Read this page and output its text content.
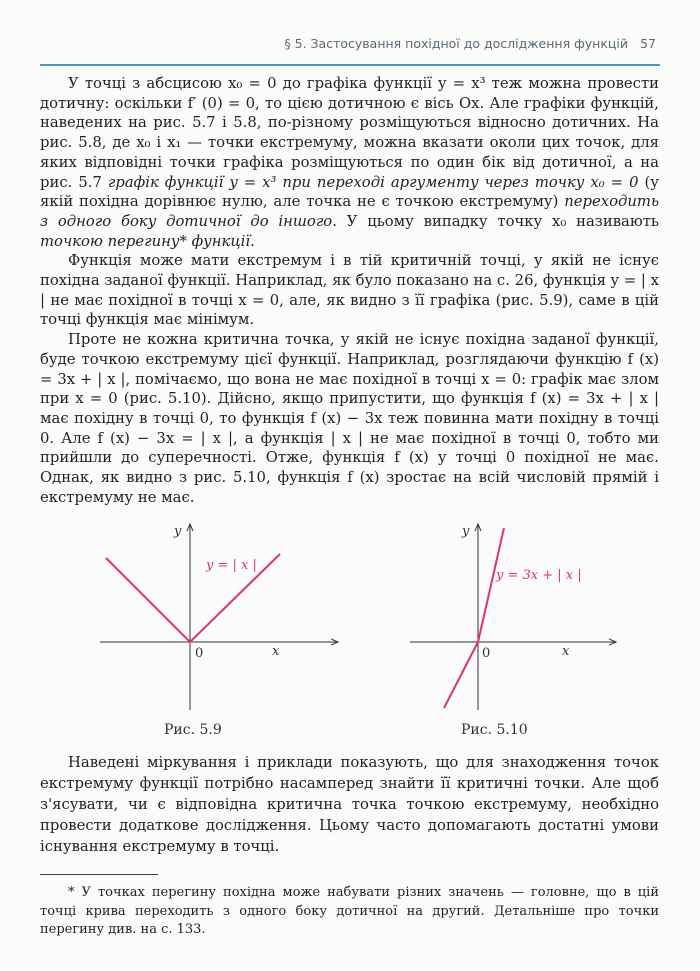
§ 5. Застосування похідної до дослідження функцій 57

У точці з абсцисою x₀ = 0 до графіка функції y = x³ теж можна провести дотичну: оскільки f′ (0) = 0, то цією дотичною є вісь Ox. Але графіки функцій, наведених на рис. 5.7 і 5.8, по-різному розміщуються відносно дотичних. На рис. 5.8, де x₀ і x₁ — точки екстремуму, можна вказати околи цих точок, для яких відповідні точки графіка розміщуються по один бік від дотичної, а на рис. 5.7 графік функції y = x³ при переході аргументу через точку x₀ = 0 (у якій похідна дорівнює нулю, але точка не є точкою екстремуму) переходить з одного боку дотичної до іншого. У цьому випадку точку x₀ називають точкою перегину* функції.

Функція може мати екстремум і в тій критичній точці, у якій не існує похідна заданої функції. Наприклад, як було показано на с. 26, функція y = | x | не має похідної в точці x = 0, але, як видно з її графіка (рис. 5.9), саме в цій точці функція має мінімум.

Проте не кожна критична точка, у якій не існує похідна заданої функції, буде точкою екстремуму цієї функції. Наприклад, розглядаючи функцію f (x) = 3x + | x |, помічаємо, що вона не має похідної в точці x = 0: графік має злом при x = 0 (рис. 5.10). Дійсно, якщо припустити, що функція f (x) = 3x + | x | має похідну в точці 0, то функція f (x) − 3x теж повинна мати похідну в точці 0. Але f (x) − 3x = | x |, а функція | x | не має похідної в точці 0, тобто ми прийшли до суперечності. Отже, функція f (x) у точці 0 похідної не має. Однак, як видно з рис. 5.10, функція f (x) зростає на всій числовій прямій і екстремуму не має.

y
x
0
y = | x |
Рис. 5.9
y
x
0
y = 3x + | x |
Рис. 5.10

Наведені міркування і приклади показують, що для знаходження точок екстремуму функції потрібно насамперед знайти її критичні точки. Але щоб з'ясувати, чи є відповідна критична точка точкою екстремуму, необхідно провести додаткове дослідження. Цьому часто допомагають достатні умови існування екстремуму в точці.

* У точках перегину похідна може набувати різних значень — головне, що в цій точці крива переходить з одного боку дотичної на другий. Детальніше про точки перегину див. на с. 133.
